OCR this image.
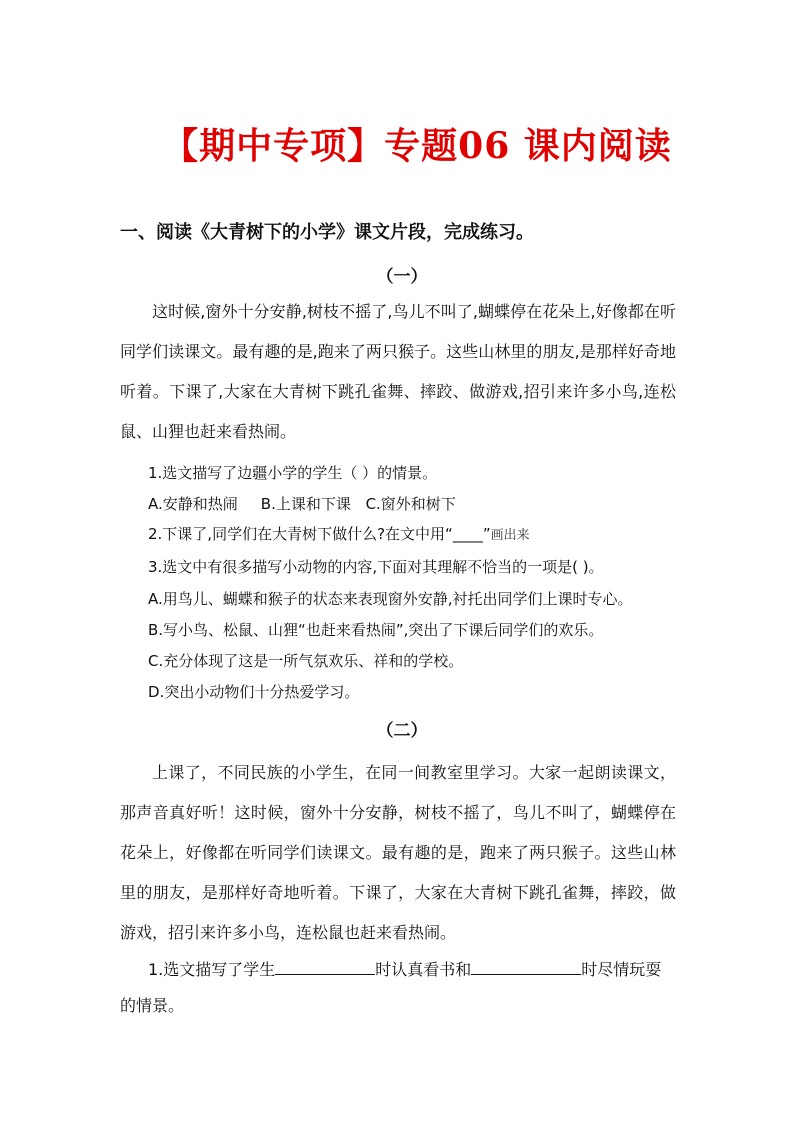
【期中专项】专题06 课内阅读
一、阅读《大青树下的小学》课文片段，完成练习。
（一）
这时候,窗外十分安静,树枝不摇了,鸟儿不叫了,蝴蝶停在花朵上,好像都在听同学们读课文。最有趣的是,跑来了两只猴子。这些山林里的朋友,是那样好奇地听着。下课了,大家在大青树下跳孔雀舞、摔跤、做游戏,招引来许多小鸟,连松鼠、山狸也赶来看热闹。
1.选文描写了边疆小学的学生（ ）的情景。
A.安静和热闹 B.上课和下课 C.窗外和树下
2.下课了,同学们在大青树下做什么?在文中用“____”画出来
3.选文中有很多描写小动物的内容,下面对其理解不恰当的一项是( )。
A.用鸟儿、蝴蝶和猴子的状态来表现窗外安静,衬托出同学们上课时专心。
B.写小鸟、松鼠、山狸“也赶来看热闹”,突出了下课后同学们的欢乐。
C.充分体现了这是一所气氛欢乐、祥和的学校。
D.突出小动物们十分热爱学习。
（二）
上课了，不同民族的小学生，在同一间教室里学习。大家一起朗读课文，那声音真好听！这时候，窗外十分安静，树枝不摇了，鸟儿不叫了，蝴蝶停在花朵上，好像都在听同学们读课文。最有趣的是，跑来了两只猴子。这些山林里的朋友，是那样好奇地听着。下课了，大家在大青树下跳孔雀舞，摔跤，做游戏，招引来许多小鸟，连松鼠也赶来看热闹。
1.选文描写了学生	时认真看书和	时尽情玩耍
的情景。
